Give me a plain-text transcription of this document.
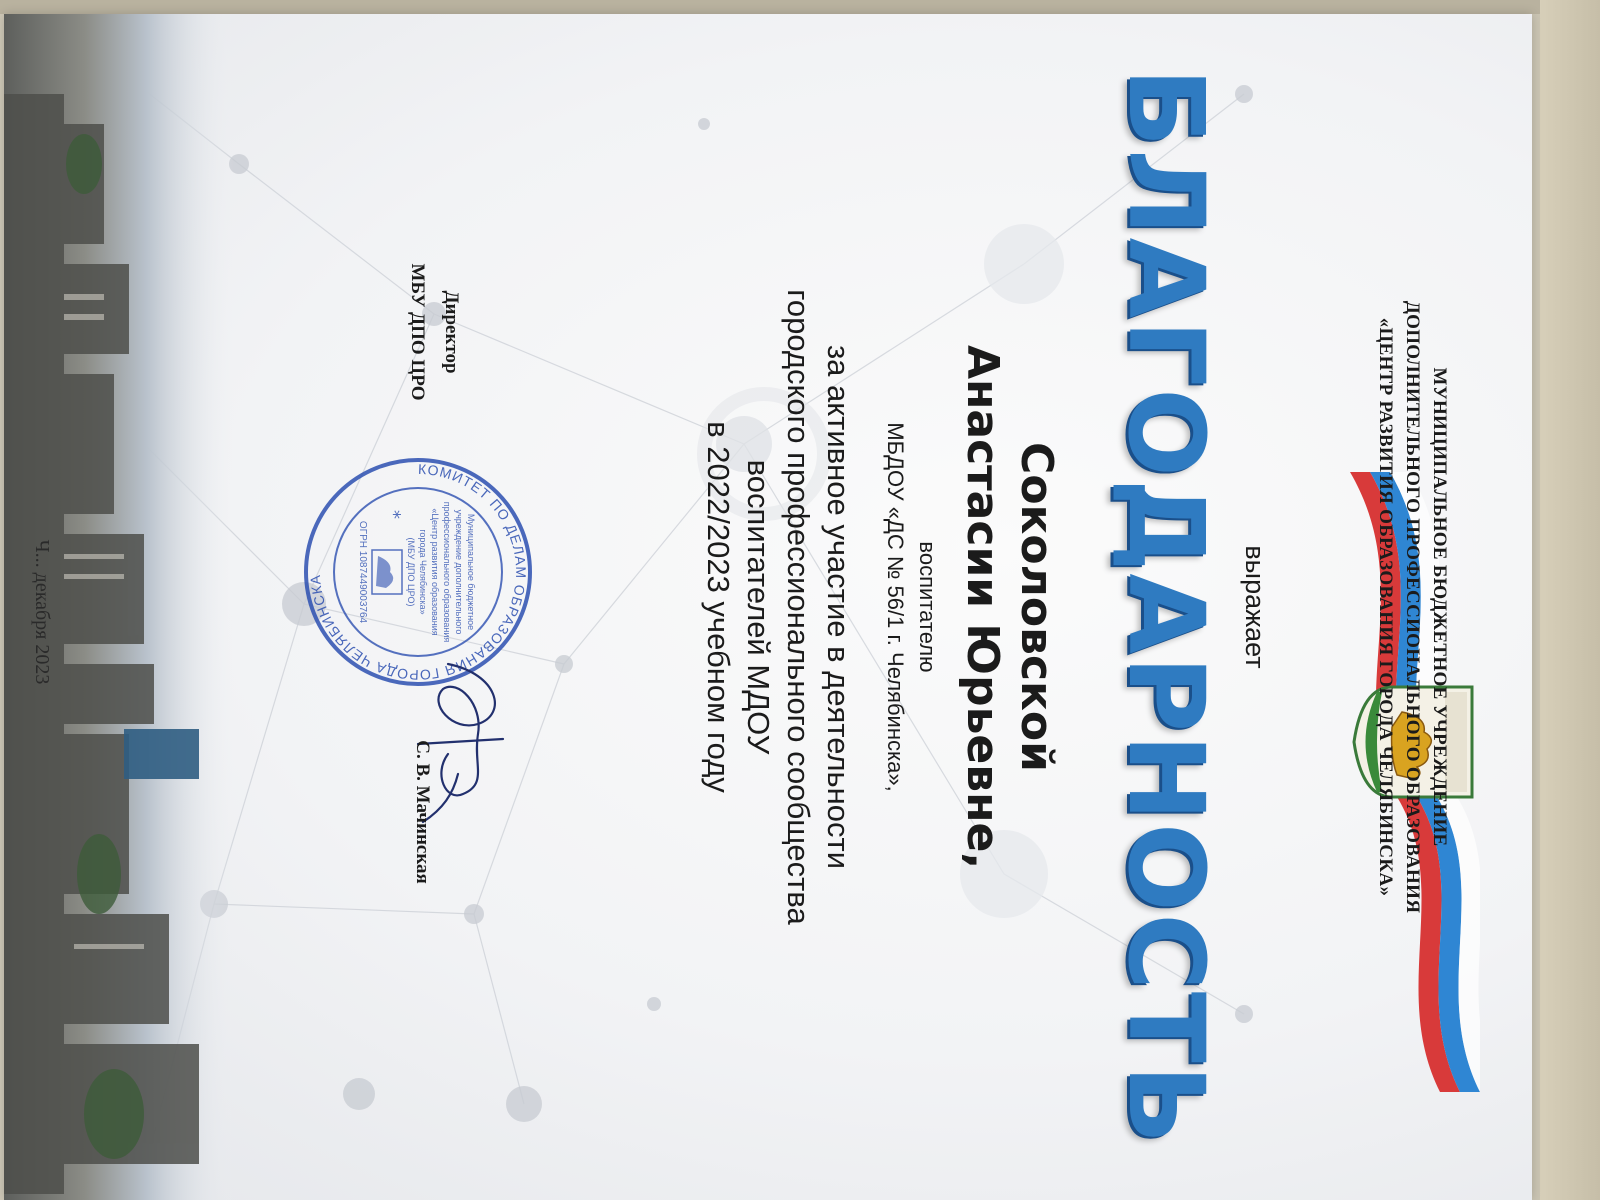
МУНИЦИПАЛЬНОЕ БЮДЖЕТНОЕ УЧРЕЖДЕНИЕ
ДОПОЛНИТЕЛЬНОГО ПРОФЕССИОНАЛЬНОГО ОБРАЗОВАНИЯ
«ЦЕНТР РАЗВИТИЯ ОБРАЗОВАНИЯ ГОРОДА ЧЕЛЯБИНСКА»
выражает
БЛАГОДАРНОСТЬ
Соколовской
Анастасии Юрьевне,
воспитателю
МБДОУ «ДС № 56/1 г. Челябинска»,
за активное участие в деятельности
городского профессионального сообщества
воспитателей МДОУ
в 2022/2023 учебном году
Директор
МБУ ДПО ЦРО
КОМИТЕТ ПО ДЕЛАМ ОБРАЗОВАНИЯ ГОРОДА ЧЕЛЯБИНСКА	Муниципальное бюджетное
учреждение дополнительного
профессионального образования
«Центр развития образования
города Челябинска»
(МБУ ДПО ЦРО)
ОГРН 1087449003764
*
С. В. Мачинская
Ч... декабря 2023
